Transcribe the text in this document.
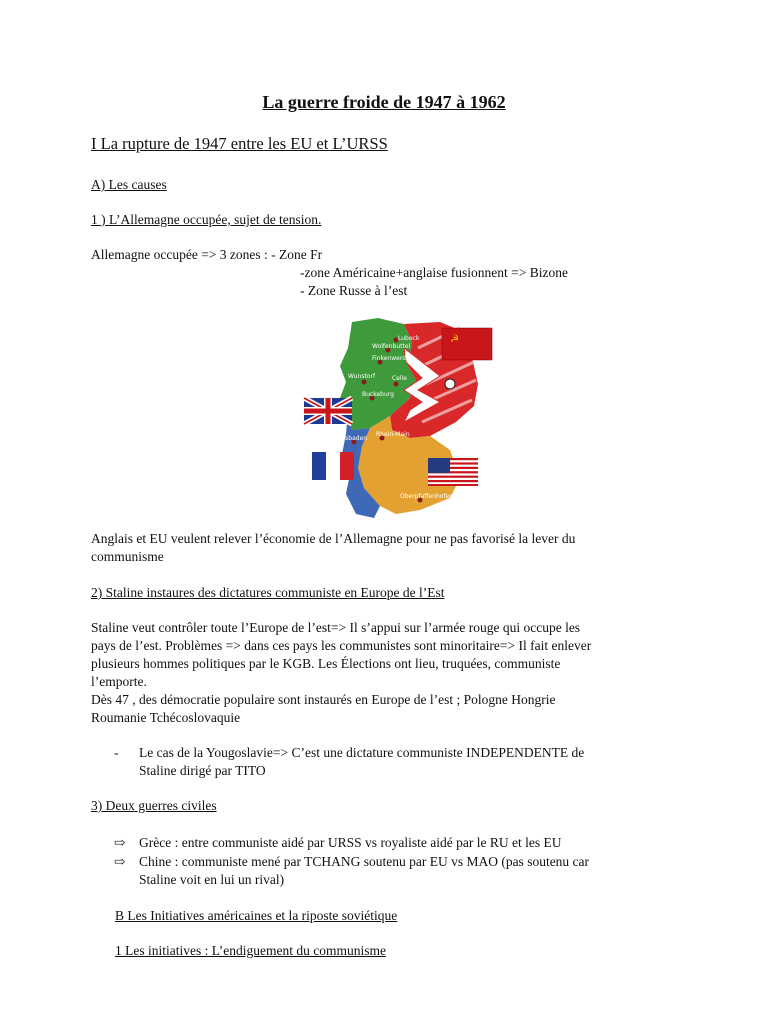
La guerre froide de 1947 à 1962
I La rupture de 1947 entre les EU et L’URSS
A) Les causes
1 ) L’Allemagne occupée, sujet de tension.
Allemagne occupée => 3 zones : - Zone Fr
-zone Américaine+anglaise fusionnent => Bizone
- Zone Russe à l’est
Lubeck
Wolfenbuttel
Finkenwerder
Wunstorf	Celle
Buckeburg
Wiesbaden
Rhein-Main
Oberpfaffenhofen
☭
Anglais et EU veulent relever l’économie de l’Allemagne pour ne pas favorisé la lever du
communisme
2) Staline instaures des dictatures communiste en Europe de l’Est
Staline veut contrôler toute l’Europe de l’est=> Il s’appui sur l’armée rouge qui occupe les
pays de l’est. Problèmes => dans ces pays les communistes sont minoritaire=> Il fait enlever
plusieurs hommes politiques par le KGB. Les Élections ont lieu, truquées, communiste
l’emporte.
Dès 47 , des démocratie populaire sont instaurés en Europe de l’est ; Pologne Hongrie
Roumanie Tchécoslovaquie
- Le cas de la Yougoslavie=> C’est une dictature communiste INDEPENDENTE de
Staline dirigé par TITO
3) Deux guerres civiles
⇨ Grèce : entre communiste aidé par URSS vs royaliste aidé par le RU et les EU
⇨ Chine : communiste mené par TCHANG soutenu par EU vs MAO (pas soutenu car
Staline voit en lui un rival)
B Les Initiatives américaines et la riposte soviétique
1 Les initiatives : L’endiguement du communisme
